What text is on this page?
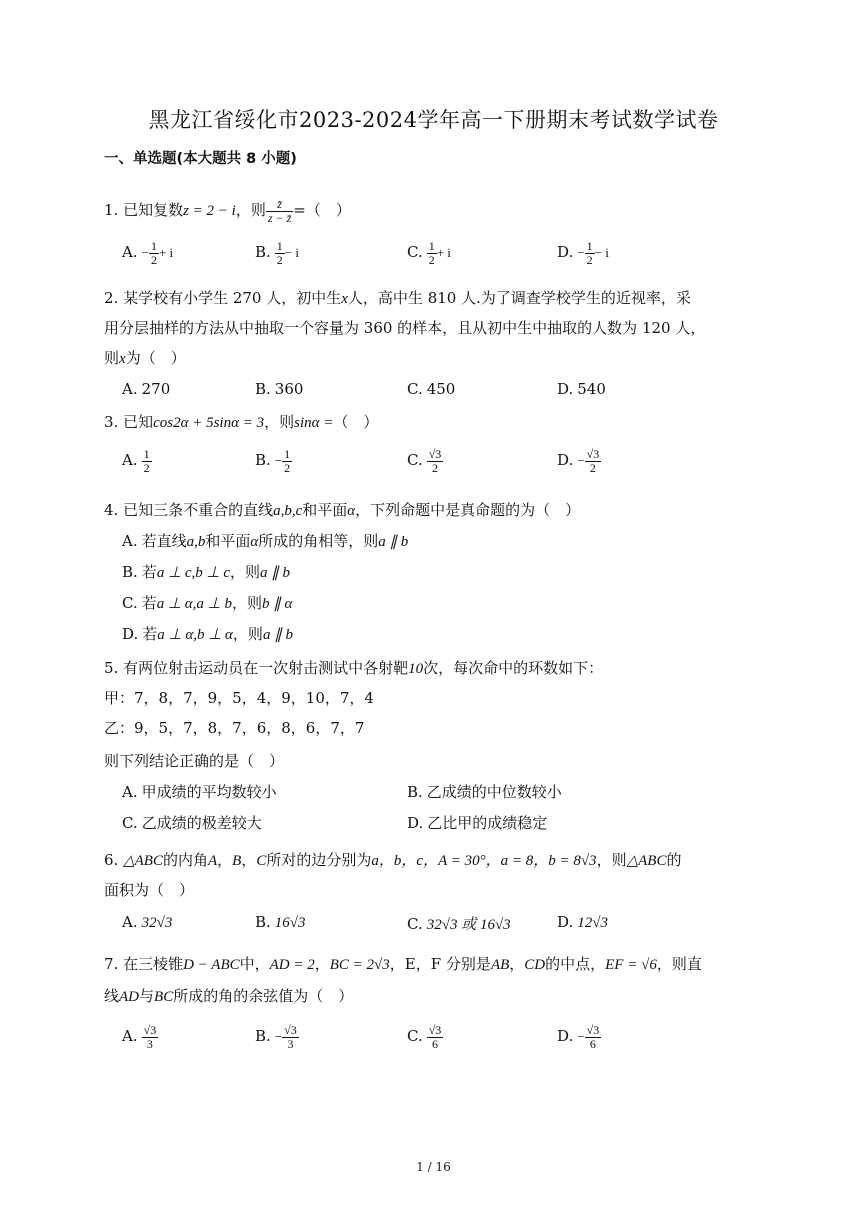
黑龙江省绥化市2023-2024学年高一下册期末考试数学试卷
一、单选题(本大题共 8 小题)
1. 已知复数z = 2 − i，则 $\frac{z̄}{z - z̄}$ =（　）
A. − $\frac{1}{2} + i$	B. $\frac{1}{2} - i$	C. $\frac{1}{2} + i$	D. − $\frac{1}{2} - i$
2. 某学校有小学生 270 人，初中生x人，高中生 810 人.为了调查学校学生的近视率，采
用分层抽样的方法从中抽取一个容量为 360 的样本，且从初中生中抽取的人数为 120 人，
则x为（　）
A. 270	B. 360	C. 450	D. 540
3. 已知cos2α + 5sinα = 3，则sinα =（　）
A. $\frac{1}{2}$	B. − $\frac{1}{2}$	C. $\frac{√3}{2}$	D. − $\frac{√3}{2}$
4. 已知三条不重合的直线a,b,c和平面α，下列命题中是真命题的为（　）
A. 若直线a,b和平面α所成的角相等，则a ∥ b
B. 若a ⊥ c,b ⊥ c，则a ∥ b
C. 若a ⊥ α,a ⊥ b，则b ∥ α
D. 若a ⊥ α,b ⊥ α，则a ∥ b
5. 有两位射击运动员在一次射击测试中各射靶10次，每次命中的环数如下：
甲：7，8，7，9，5，4，9，10，7，4
乙：9，5，7，8，7，6，8，6，7，7
则下列结论正确的是（　）
A. 甲成绩的平均数较小	B. 乙成绩的中位数较小
C. 乙成绩的极差较大	D. 乙比甲的成绩稳定
6. △ABC的内角A，B，C所对的边分别为a，b，c，A = 30°，a = 8，b = 8√3，则△ABC的
面积为（　）
A. 32√3	B. 16√3	C. 32√3 或 16√3	D. 12√3
7. 在三棱锥D − ABC中，AD = 2，BC = 2√3，E，F 分别是AB，CD的中点，EF = √6，则直
线AD与BC所成的角的余弦值为（　）
A. $\frac{√3}{3}$	B. − $\frac{√3}{3}$	C. $\frac{√3}{6}$	D. − $\frac{√3}{6}$
1 / 16
